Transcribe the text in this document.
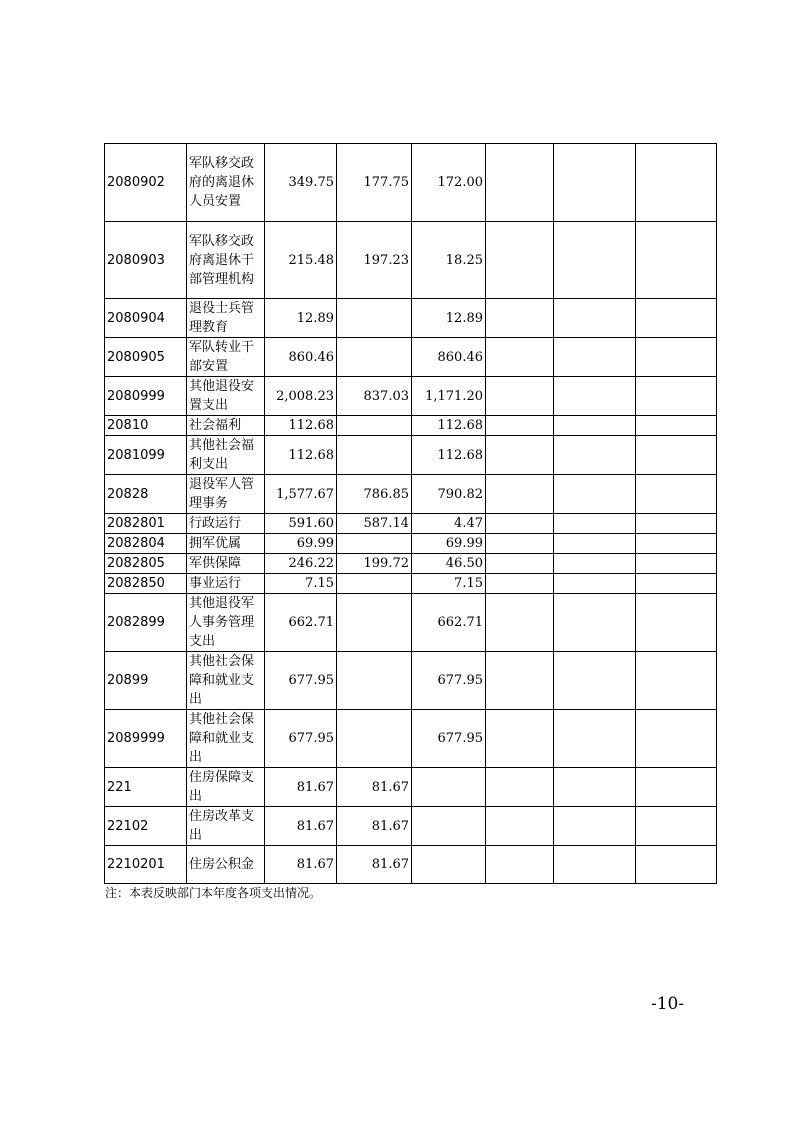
2080902	军队移交政府的离退休人员安置	349.75	177.75	172.00			
2080903	军队移交政府离退休干部管理机构	215.48	197.23	18.25			
2080904	退役士兵管理教育	12.89		12.89			
2080905	军队转业干部安置	860.46		860.46			
2080999	其他退役安置支出	2,008.23	837.03	1,171.20			
20810	社会福利	112.68		112.68			
2081099	其他社会福利支出	112.68		112.68			
20828	退役军人管理事务	1,577.67	786.85	790.82			
2082801	行政运行	591.60	587.14	4.47			
2082804	拥军优属	69.99		69.99			
2082805	军供保障	246.22	199.72	46.50			
2082850	事业运行	7.15		7.15			
2082899	其他退役军人事务管理支出	662.71		662.71			
20899	其他社会保障和就业支出	677.95		677.95			
2089999	其他社会保障和就业支出	677.95		677.95			
221	住房保障支出	81.67	81.67				
22102	住房改革支出	81.67	81.67				
2210201	住房公积金	81.67	81.67				
注：本表反映部门本年度各项支出情况。
-10-
